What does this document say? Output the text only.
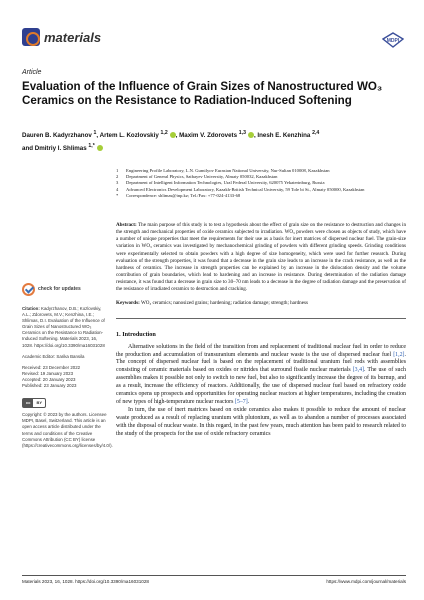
materials	MDPI
Article
Evaluation of the Influence of Grain Sizes of Nanostructured WO₃ Ceramics on the Resistance to Radiation-Induced Softening
Dauren B. Kadyrzhanov $^1$, Artem L. Kozlovskiy $^{1,2}$ , Maxim V. Zdorovets $^{1,3}$ , Inesh E. Kenzhina $^{2,4}$
and Dmitriy I. Shlimas $^{1,*}$
1	Engineering Profile Laboratory, L.N. Gumilyov Eurasian National University, Nur-Sultan 010008, Kazakhstan
2	Department of General Physics, Satbayev University, Almaty 050032, Kazakhstan
3	Department of Intelligent Information Technologies, Ural Federal University, 620075 Yekaterinburg, Russia
4	Advanced Electronics Development Laboratory, Kazakh-British Technical University, 59 Tole bi St., Almaty 050000, Kazakhstan
*	Correspondence: shlimas@inp.kz; Tel./Fax: +77-024-4133-68
check for updates
Citation: Kadyrzhanov, D.B.; Kozlovskiy, A.L.; Zdorovets, M.V.; Kenzhina, I.E.; Shlimas, D.I. Evaluation of the Influence of Grain Sizes of Nanostructured WO₃ Ceramics on the Resistance to Radiation-Induced Softening. Materials 2023, 16, 1028. https://doi.org/10.3390/ma16031028
Academic Editor: Sarika Bansila
Received: 23 December 2022
Revised: 19 January 2023
Accepted: 20 January 2023
Published: 23 January 2023
cc	BY
Copyright: © 2023 by the authors. Licensee MDPI, Basel, Switzerland. This article is an open access article distributed under the terms and conditions of the Creative Commons Attribution (CC BY) license (https://creativecommons.org/licenses/by/4.0/).

Abstract: The main purpose of this study is to test a hypothesis about the effect of grain size on the resistance to destruction and changes in the strength and mechanical properties of oxide ceramics subjected to irradiation. WO₃ powders were chosen as objects of study, which have a number of unique properties that meet the requirements for their use as a basis for inert matrices of dispersed nuclear fuel. The grain-size variation in WO₃ ceramics was investigated by mechanochemical grinding of powders with different grinding speeds. Grinding conditions were experimentally selected to obtain powders with a high degree of size homogeneity, which were used for further research. During evaluation of the strength properties, it was found that a decrease in the grain size leads to an increase in the crack resistance, as well as the hardness of ceramics. The increase in strength properties can be explained by an increase in the dislocation density and the volume contribution of grain boundaries, which lead to hardening and an increase in resistance. During determination of the radiation damage resistance, it was found that a decrease in grain size to 30–70 nm leads to a decrease in the degree of radiation damage and the preservation of the resistance of irradiated ceramics to destruction and cracking.

Keywords: WO₃ ceramics; nanosized grains; hardening; radiation damage; strength; hardness

1. Introduction

Alternative solutions in the field of the transition from and replacement of traditional nuclear fuel in order to reduce the production and accumulation of transuranium elements and nuclear waste is the use of dispersed nuclear fuel [1,2]. The concept of dispersed nuclear fuel is based on the replacement of traditional uranium fuel rods with assemblies consisting of ceramic materials based on oxides or nitrides that surround fissile nuclear materials [3,4]. The use of such assemblies makes it possible not only to switch to new fuel, but also to significantly increase the degree of its burnup, and as a result, increase the efficiency of reactors. Additionally, the use of dispersed nuclear fuel based on refractory oxide ceramics opens up prospects and opportunities for operating nuclear reactors at higher temperatures, including the creation of new types of high-temperature nuclear reactors [5–7].

In turn, the use of inert matrices based on oxide ceramics also makes it possible to reduce the amount of nuclear waste produced as a result of replacing uranium with plutonium, as well as to abandon a number of processes associated with the disposal of nuclear waste. In this regard, in the past few years, much attention has been paid to research related to the study of the prospects for the use of oxide refractory ceramics

Materials 2023, 16, 1028. https://doi.org/10.3390/ma16031028	https://www.mdpi.com/journal/materials
